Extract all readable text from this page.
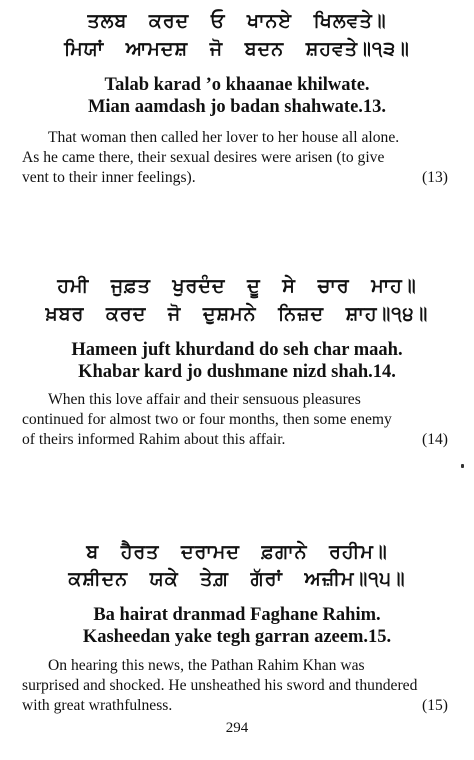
ਤਲਬ ਕਰਦ ਓ ਖਾਨਏ ਖਿਲਵਤੇ॥

ਮਿਯਾਂ ਆਮਦਸ਼ ਜੋ ਬਦਨ ਸ਼ਹਵਤੇ॥੧੩॥

Talab karad ’o khaanae khilwate.

Mian aamdash jo badan shahwate.13.

That woman then called her lover to her house all alone.
As he came there, their sexual desires were arisen (to give
vent to their inner feelings).	(13)

ਹਮੀ ਜੁਫ਼ਤ ਖੁਰਦੰਦ ਦੂ ਸੇ ਚਾਰ ਮਾਹ॥

ਖ਼ਬਰ ਕਰਦ ਜੋ ਦੁਸ਼ਮਨੇ ਨਿਜ਼ਦ ਸ਼ਾਹ॥੧੪॥

Hameen juft khurdand do seh char maah.

Khabar kard jo dushmane nizd shah.14.

When this love affair and their sensuous pleasures
continued for almost two or four months, then some enemy
of theirs informed Rahim about this affair.	(14)

ਬ ਹੈਰਤ ਦਰਾਮਦ ਫ਼ਗਾਨੇ ਰਹੀਮ॥

ਕਸ਼ੀਦਨ ਯਕੇ ਤੇਗ਼ ਗੱਰਾਂ ਅਜ਼ੀਮ॥੧੫॥

Ba hairat dranmad Faghane Rahim.

Kasheedan yake tegh garran azeem.15.

On hearing this news, the Pathan Rahim Khan was
surprised and shocked. He unsheathed his sword and thundered
with great wrathfulness.	(15)
294
